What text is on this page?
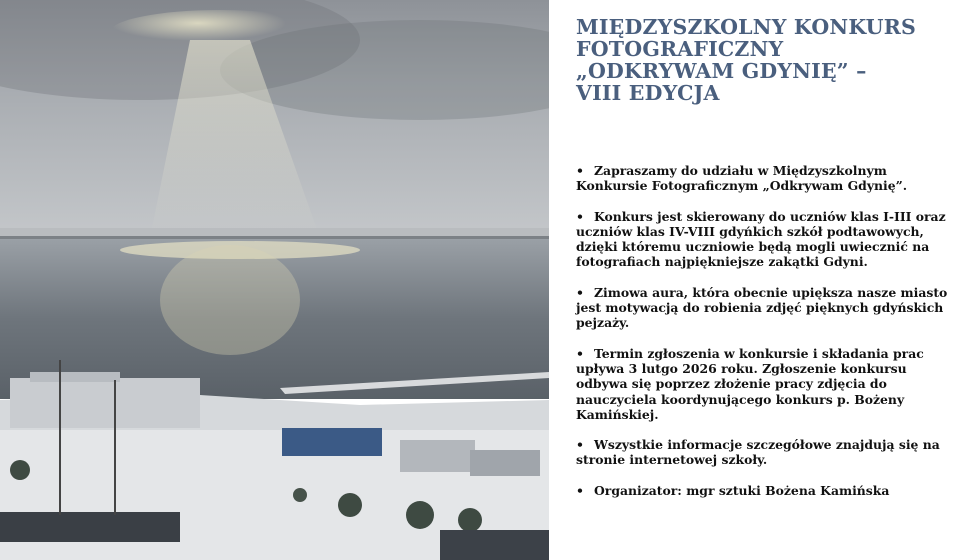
MIĘDZYSZKOLNY KONKURS
FOTOGRAFICZNY
„ODKRYWAM GDYNIĘ” –
VIII EDYCJA
• Zapraszamy do udziału w Międzyszkolnym Konkursie Fotograficznym „Odkrywam Gdynię”.
• Konkurs jest skierowany do uczniów klas I-III oraz uczniów klas IV-VIII gdyńkich szkół podtawowych, dzięki któremu uczniowie będą mogli uwiecznić na fotografiach najpiękniejsze zakątki Gdyni.
• Zimowa aura, która obecnie upiększa nasze miasto jest motywacją do robienia zdjęć pięknych gdyńskich pejzaży.
• Termin zgłoszenia w konkursie i składania prac upływa 3 lutgo 2026 roku. Zgłoszenie konkursu odbywa się poprzez złożenie pracy zdjęcia do nauczyciela koordynującego konkurs p. Bożeny Kamińskiej.
• Wszystkie informacje szczegółowe znajdują się na stronie internetowej szkoły.
• Organizator: mgr sztuki Bożena Kamińska
